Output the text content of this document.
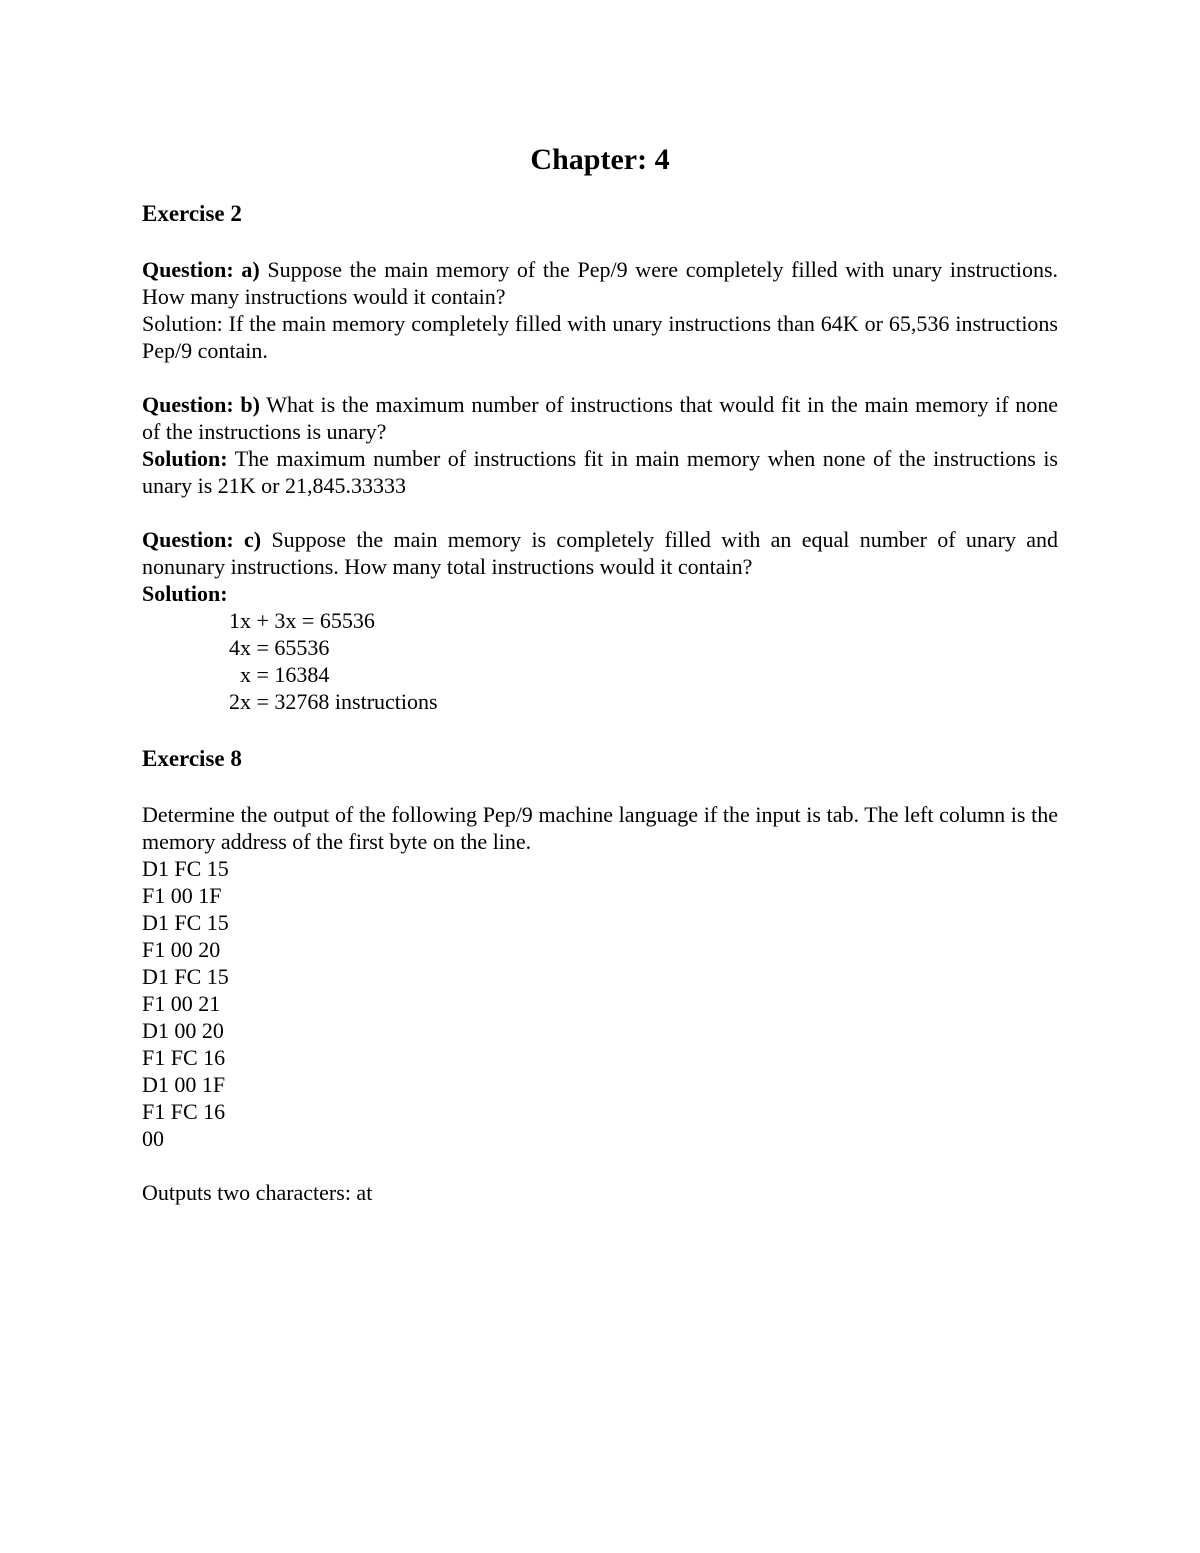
Chapter: 4
Exercise 2

Question: a) Suppose the main memory of the Pep/9 were completely filled with unary instructions. How many instructions would it contain?

Solution: If the main memory completely filled with unary instructions than 64K or 65,536 instructions Pep/9 contain.

Question: b) What is the maximum number of instructions that would fit in the main memory if none of the instructions is unary?

Solution: The maximum number of instructions fit in main memory when none of the instructions is unary is 21K or 21,845.33333

Question: c) Suppose the main memory is completely filled with an equal number of unary and nonunary instructions. How many total instructions would it contain?

Solution:

1x + 3x = 65536
4x = 65536
x = 16384
2x = 32768 instructions
Exercise 8

Determine the output of the following Pep/9 machine language if the input is tab. The left column is the memory address of the first byte on the line.

D1 FC 15

F1 00 1F

D1 FC 15

F1 00 20

D1 FC 15

F1 00 21

D1 00 20

F1 FC 16

D1 00 1F

F1 FC 16

00

Outputs two characters: at
